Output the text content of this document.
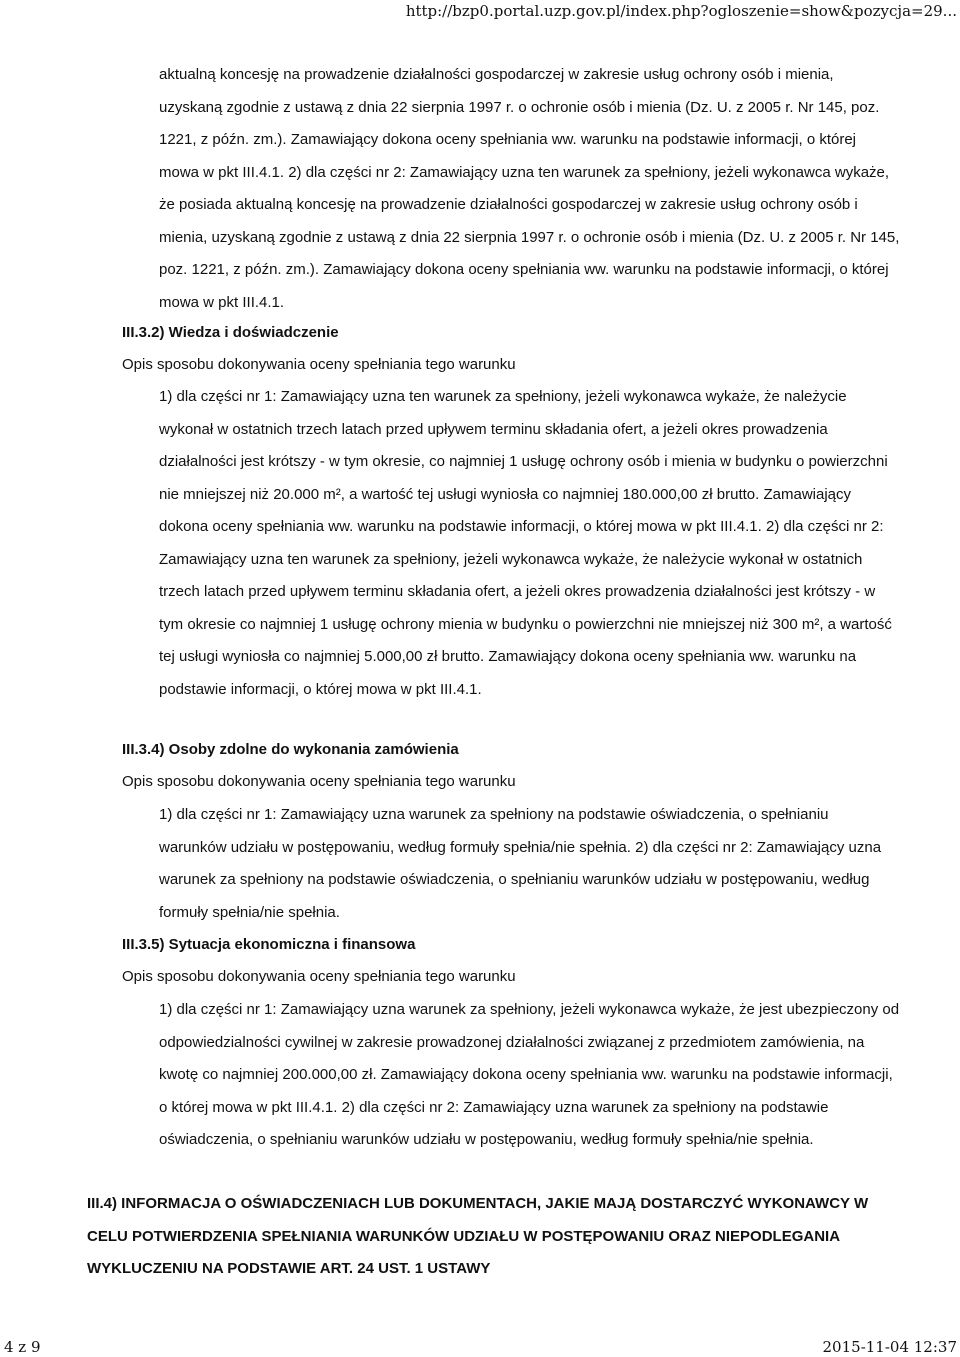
http://bzp0.portal.uzp.gov.pl/index.php?ogloszenie=show&pozycja=29...

aktualną koncesję na prowadzenie działalności gospodarczej w zakresie usług ochrony osób i mienia, uzyskaną zgodnie z ustawą z dnia 22 sierpnia 1997 r. o ochronie osób i mienia (Dz. U. z 2005 r. Nr 145, poz. 1221, z późn. zm.). Zamawiający dokona oceny spełniania ww. warunku na podstawie informacji, o której mowa w pkt III.4.1. 2) dla części nr 2: Zamawiający uzna ten warunek za spełniony, jeżeli wykonawca wykaże, że posiada aktualną koncesję na prowadzenie działalności gospodarczej w zakresie usług ochrony osób i mienia, uzyskaną zgodnie z ustawą z dnia 22 sierpnia 1997 r. o ochronie osób i mienia (Dz. U. z 2005 r. Nr 145, poz. 1221, z późn. zm.). Zamawiający dokona oceny spełniania ww. warunku na podstawie informacji, o której mowa w pkt III.4.1.

III.3.2) Wiedza i doświadczenie
Opis sposobu dokonywania oceny spełniania tego warunku

1) dla części nr 1: Zamawiający uzna ten warunek za spełniony, jeżeli wykonawca wykaże, że należycie wykonał w ostatnich trzech latach przed upływem terminu składania ofert, a jeżeli okres prowadzenia działalności jest krótszy - w tym okresie, co najmniej 1 usługę ochrony osób i mienia w budynku o powierzchni nie mniejszej niż 20.000 m², a wartość tej usługi wyniosła co najmniej 180.000,00 zł brutto. Zamawiający dokona oceny spełniania ww. warunku na podstawie informacji, o której mowa w pkt III.4.1. 2) dla części nr 2: Zamawiający uzna ten warunek za spełniony, jeżeli wykonawca wykaże, że należycie wykonał w ostatnich trzech latach przed upływem terminu składania ofert, a jeżeli okres prowadzenia działalności jest krótszy - w tym okresie co najmniej 1 usługę ochrony mienia w budynku o powierzchni nie mniejszej niż 300 m², a wartość tej usługi wyniosła co najmniej 5.000,00 zł brutto. Zamawiający dokona oceny spełniania ww. warunku na podstawie informacji, o której mowa w pkt III.4.1.

III.3.4) Osoby zdolne do wykonania zamówienia
Opis sposobu dokonywania oceny spełniania tego warunku

1) dla części nr 1: Zamawiający uzna warunek za spełniony na podstawie oświadczenia, o spełnianiu warunków udziału w postępowaniu, według formuły spełnia/nie spełnia. 2) dla części nr 2: Zamawiający uzna warunek za spełniony na podstawie oświadczenia, o spełnianiu warunków udziału w postępowaniu, według formuły spełnia/nie spełnia.

III.3.5) Sytuacja ekonomiczna i finansowa
Opis sposobu dokonywania oceny spełniania tego warunku

1) dla części nr 1: Zamawiający uzna warunek za spełniony, jeżeli wykonawca wykaże, że jest ubezpieczony od odpowiedzialności cywilnej w zakresie prowadzonej działalności związanej z przedmiotem zamówienia, na kwotę co najmniej 200.000,00 zł. Zamawiający dokona oceny spełniania ww. warunku na podstawie informacji, o której mowa w pkt III.4.1. 2) dla części nr 2: Zamawiający uzna warunek za spełniony na podstawie oświadczenia, o spełnianiu warunków udziału w postępowaniu, według formuły spełnia/nie spełnia.

III.4) INFORMACJA O OŚWIADCZENIACH LUB DOKUMENTACH, JAKIE MAJĄ DOSTARCZYĆ WYKONAWCY W CELU POTWIERDZENIA SPEŁNIANIA WARUNKÓW UDZIAŁU W POSTĘPOWANIU ORAZ NIEPODLEGANIA WYKLUCZENIU NA PODSTAWIE ART. 24 UST. 1 USTAWY

4 z 9	2015-11-04 12:37
